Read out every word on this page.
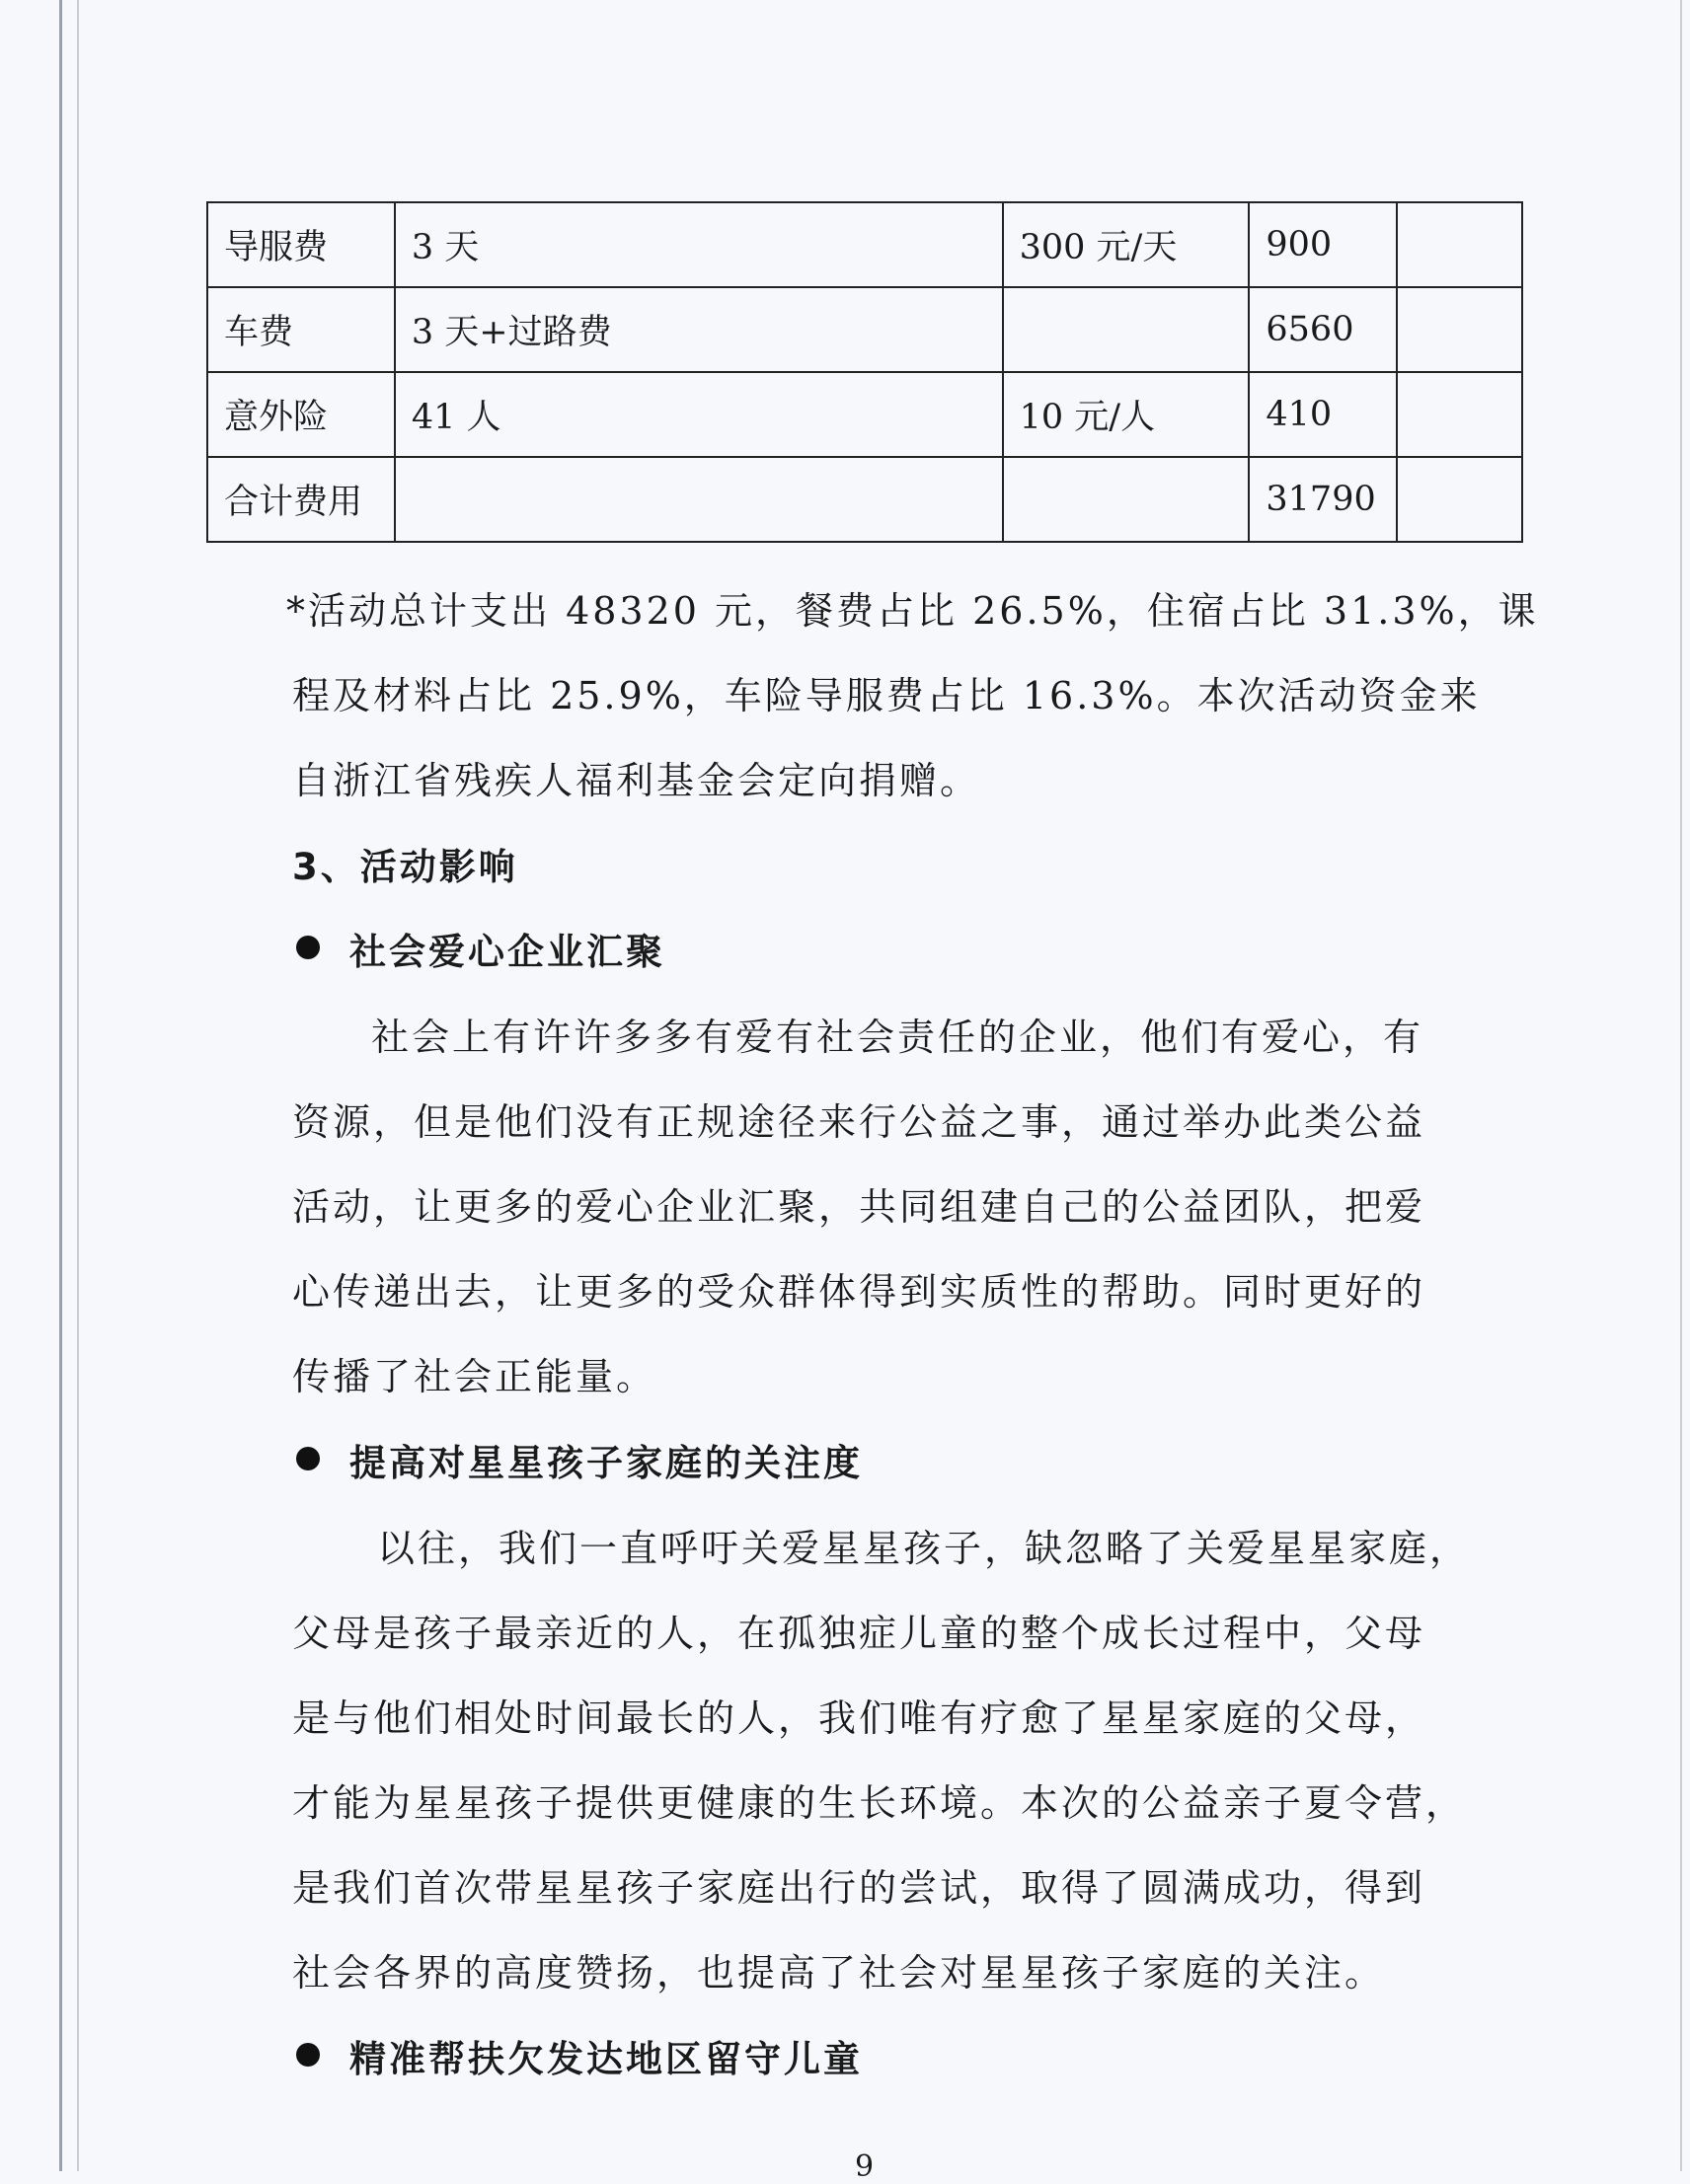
导服费	3 天	300 元/天	900	
车费	3 天+过路费		6560	
意外险	41 人	10 元/人	410	
合计费用			31790	
*活动总计支出 48320 元，餐费占比 26.5%，住宿占比 31.3%，课
程及材料占比 25.9%，车险导服费占比 16.3%。本次活动资金来
自浙江省残疾人福利基金会定向捐赠。
3、活动影响
社会爱心企业汇聚
社会上有许许多多有爱有社会责任的企业，他们有爱心，有
资源，但是他们没有正规途径来行公益之事，通过举办此类公益
活动，让更多的爱心企业汇聚，共同组建自己的公益团队，把爱
心传递出去，让更多的受众群体得到实质性的帮助。同时更好的
传播了社会正能量。
提高对星星孩子家庭的关注度
以往，我们一直呼吁关爱星星孩子，缺忽略了关爱星星家庭，
父母是孩子最亲近的人，在孤独症儿童的整个成长过程中，父母
是与他们相处时间最长的人，我们唯有疗愈了星星家庭的父母，
才能为星星孩子提供更健康的生长环境。本次的公益亲子夏令营，
是我们首次带星星孩子家庭出行的尝试，取得了圆满成功，得到
社会各界的高度赞扬，也提高了社会对星星孩子家庭的关注。
精准帮扶欠发达地区留守儿童
9
